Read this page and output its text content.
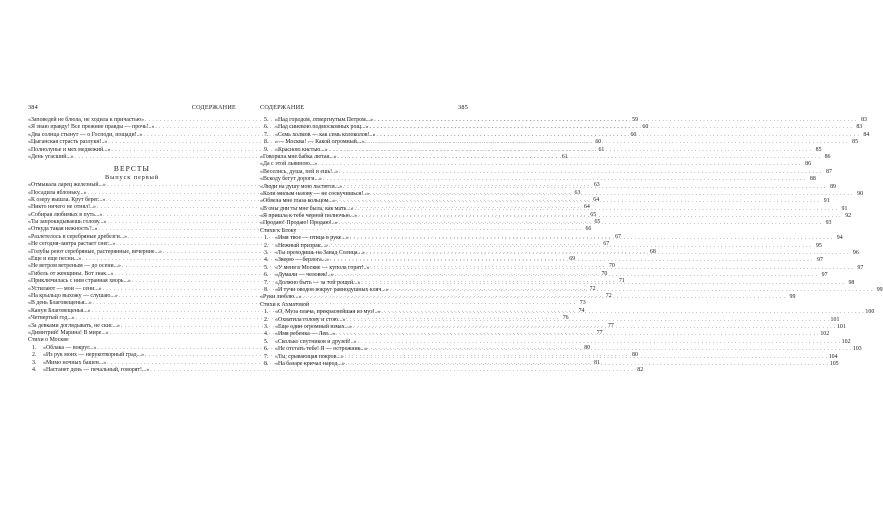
384	СОДЕРЖАНИЕ
«Заповедей не блюла, не ходила к причастью» . . .	59
«Я знаю правду! Все прежние правды — прочь!..» . . .	60
«Два солнца стынут — о Господи, пощади!..» . . .	60
«Цыганская страсть разлуки!..» . . .	60
«Полнолунье и мех медвежий...» . . .	61
«День угасший...» . . .	61
ВЕРСТЫ
Выпуск первый
«Отмыкала ларец железный...» . . .	63
«Посадила яблоньку...» . . .	63
«К озеру вышла. Крут берег...» . . .	64
«Никто ничего не отнял!..» . . .	64
«Собирая любимых в путь...» . . .	65
«Ты запрокидываешь голову...» . . .	65
«Откуда такая нежность?..» . . .	66
«Разлетелось в серебряные дребезги...» . . .	67
«Не сегодня-завтра растает снег...» . . .	67
«Голубы реют серебряные, растерянные, вечерние...» . . .	68
«Еще и еще песни...» . . .	69
«Не ветром ветреным — до осени...» . . .	70
«Гибель от женщины. Вот знак...» . . .	70
«Приключилась с ним странная хворь...» . . .	71
«Устилают — мои — сени...» . . .	72
«На крыльцо выхожу — слушаю...» . . .	72
«В день Благовещенья...» . . .	73
«Канун Благовещенья...» . . .	74
«Четвертый год...» . . .	76
«За девками доглядывать, не скис...» . . .	77
«Димитрий! Марина! В мире...» . . .	77
Стихи о Москве
1.	«Облака — вокруг...» . . .	80
2.	«Из рук моих — нерукотворный град...» . . .	80
3.	«Мимо ночных башен...» . . .	81
4.	«Настанет день — печальный, говорят!...» . . .	82
СОДЕРЖАНИЕ	385
5.	«Над городом, отвергнутым Петром...» . . .	83
6.	«Над синевою подмосковных рощ...» . . .	83
7.	«Семь холмов — как семь колоколов!..» . . .	84
8.	«— Москва! — Какой огромный...» . . .	85
9.	«Красною кистью...» . . .	85
«Говорила мне бабка лютая...» . . .	86
«Да с этой львиною...» . . .	86
«Веселись, душа, пей и ешь!..» . . .	87
«Вскоду бегут дороги...» . . .	88
«Люди на душу мою льстятся...» . . .	89
«Коли милым назову — не соскучишься!..» . . .	90
«Обвела мне глаза кольцом...» . . .	91
«В оны дни ты мне была, как мать...» . . .	91
«Я пришла к тебе черной полночью...» . . .	92
«Продаю! Продаю! Продаю!..» . . .	93
Стихи к Блоку
1.	«Имя твое — птица в руке...» . . .	94
2.	«Нежный призрак...» . . .	95
3.	«Ты проходишь на Запад Солнца...» . . .	96
4.	«Зверю — берлога...» . . .	97
5.	«У меня в Москве — купола горят!..» . . .	97
6.	«Думали — человек!..» . . .	97
7.	«Должно быть — за той рощей...» . . .	98
8.	«И тучи оводов вокруг равнодушных кляч...» . . .	99
«Руки люблю...» . . .	99
Стихи к Ахматовой
1.	«О, Муза плача, прекраснейшая из муз!..» . . .	100
2.	«Охватила голову и стою...» . . .	101
3.	«Еще один огромный взмах...» . . .	101
4.	«Имя ребенка — Лев...» . . .	102
5.	«Сколько спутников и друзей!..» . . .	102
6.	«Не отстать тебе! Я — острожник...» . . .	103
7.	«Ты, срывающая покров...» . . .	104
8.	«На базаре кричал народ...» . . .	105
